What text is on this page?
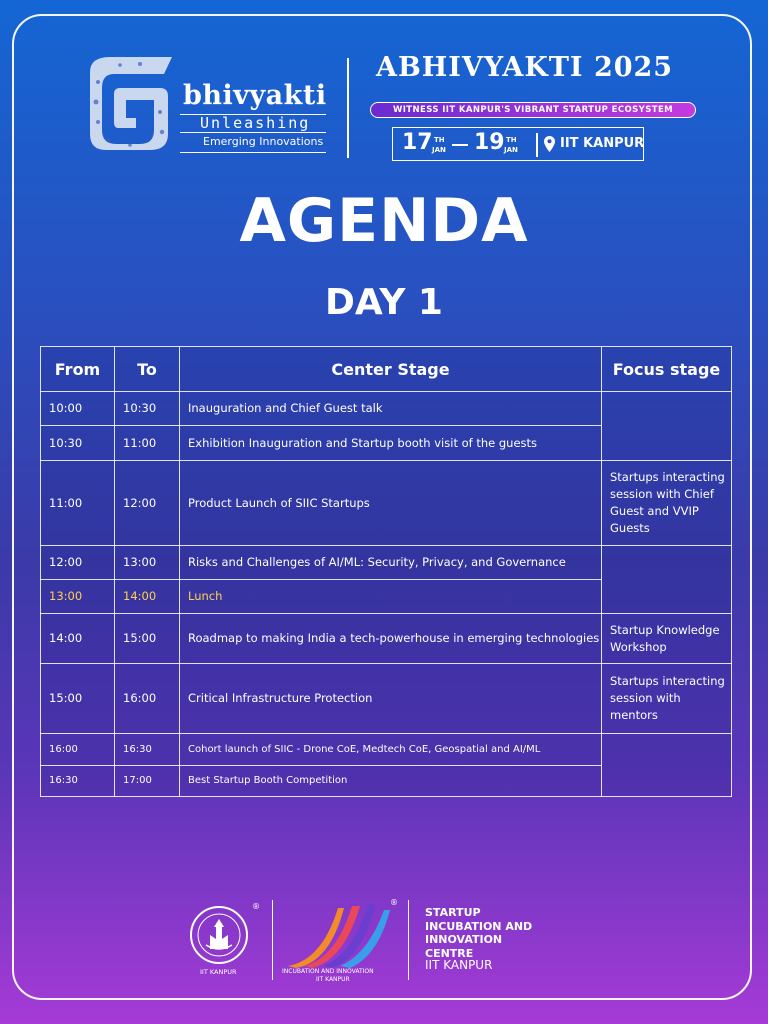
bhivyakti
Unleashing
Emerging Innovations
ABHIVYAKTI 2025
WITNESS IIT KANPUR'S VIBRANT STARTUP ECOSYSTEM
17 TH
JAN 19 TH
JAN	IIT KANPUR
AGENDA
DAY 1
From	To	Center Stage	Focus stage
10:00	10:30	Inauguration and Chief Guest talk	
10:30	11:00	Exhibition Inauguration and Startup booth visit of the guests	
11:00	12:00	Product Launch of SIIC Startups	Startups interacting session with Chief Guest and VVIP Guests
12:00	13:00	Risks and Challenges of AI/ML: Security, Privacy, and Governance	
13:00	14:00	Lunch	
14:00	15:00	Roadmap to making India a tech-powerhouse in emerging technologies	Startup Knowledge Workshop
15:00	16:00	Critical Infrastructure Protection	Startups interacting session with mentors
16:00	16:30	Cohort launch of SIIC - Drone CoE, Medtech CoE, Geospatial and AI/ML	
16:30	17:00	Best Startup Booth Competition	
®
IIT KANPUR
®
INCUBATION AND INNOVATION
IIT KANPUR
STARTUP
INCUBATION AND
INNOVATION
CENTRE
IIT KANPUR
